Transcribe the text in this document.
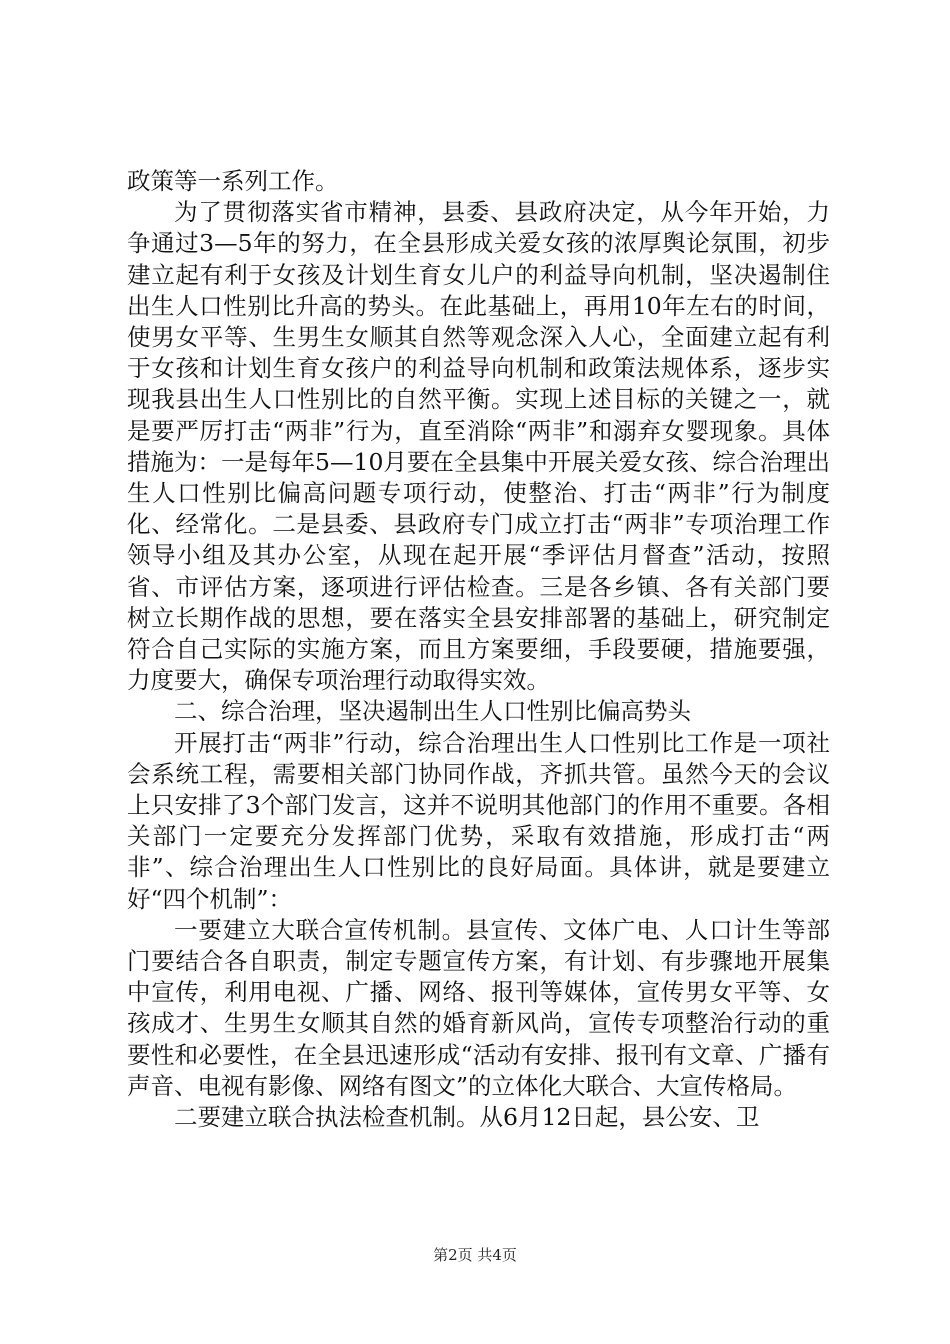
政策等一系列工作。

为了贯彻落实省市精神，县委、县政府决定，从今年开始，力争通过3—5年的努力，在全县形成关爱女孩的浓厚舆论氛围，初步建立起有利于女孩及计划生育女儿户的利益导向机制，坚决遏制住出生人口性别比升高的势头。在此基础上，再用10年左右的时间，使男女平等、生男生女顺其自然等观念深入人心，全面建立起有利于女孩和计划生育女孩户的利益导向机制和政策法规体系，逐步实现我县出生人口性别比的自然平衡。实现上述目标的关键之一，就是要严厉打击“两非”行为，直至消除“两非”和溺弃女婴现象。具体措施为：一是每年5—10月要在全县集中开展关爱女孩、综合治理出生人口性别比偏高问题专项行动，使整治、打击“两非”行为制度化、经常化。二是县委、县政府专门成立打击“两非”专项治理工作领导小组及其办公室，从现在起开展“季评估月督查”活动，按照省、市评估方案，逐项进行评估检查。三是各乡镇、各有关部门要树立长期作战的思想，要在落实全县安排部署的基础上，研究制定符合自己实际的实施方案，而且方案要细，手段要硬，措施要强，力度要大，确保专项治理行动取得实效。

二、综合治理，坚决遏制出生人口性别比偏高势头

开展打击“两非”行动，综合治理出生人口性别比工作是一项社会系统工程，需要相关部门协同作战，齐抓共管。虽然今天的会议上只安排了3个部门发言，这并不说明其他部门的作用不重要。各相关部门一定要充分发挥部门优势，采取有效措施，形成打击“两非”、综合治理出生人口性别比的良好局面。具体讲，就是要建立好“四个机制”：

一要建立大联合宣传机制。县宣传、文体广电、人口计生等部门要结合各自职责，制定专题宣传方案，有计划、有步骤地开展集中宣传，利用电视、广播、网络、报刊等媒体，宣传男女平等、女孩成才、生男生女顺其自然的婚育新风尚，宣传专项整治行动的重要性和必要性，在全县迅速形成“活动有安排、报刊有文章、广播有声音、电视有影像、网络有图文”的立体化大联合、大宣传格局。

二要建立联合执法检查机制。从6月12日起，县公安、卫

第2页 共4页
